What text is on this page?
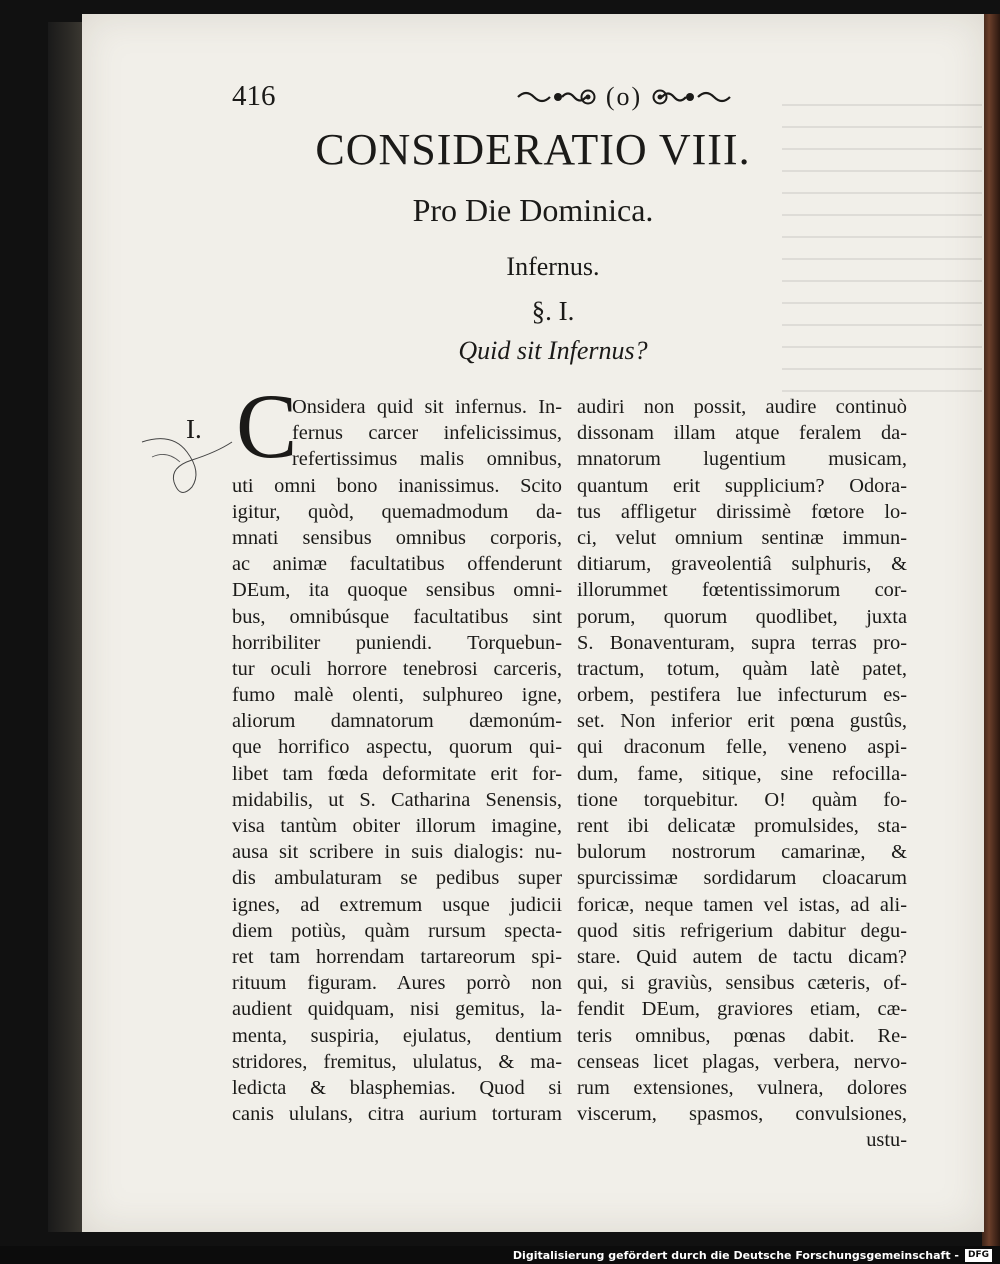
416	(o)
CONSIDERATIO VIII.
Pro Die Dominica.
Infernus.
§. I.
Quid sit Infernus?
I. C
Onsidera quid sit infernus. In-
fernus carcer infelicissimus,
refertissimus malis omnibus,
uti omni bono inanissimus. Scito
igitur, quòd, quemadmodum da-
mnati sensibus omnibus corporis,
ac animæ facultatibus offenderunt
DEum, ita quoque sensibus omni-
bus, omnibúsque facultatibus sint
horribiliter puniendi. Torquebun-
tur oculi horrore tenebrosi carceris,
fumo malè olenti, sulphureo igne,
aliorum damnatorum dæmonúm-
que horrifico aspectu, quorum qui-
libet tam fœda deformitate erit for-
midabilis, ut S. Catharina Senensis,
visa tantùm obiter illorum imagine,
ausa sit scribere in suis dialogis: nu-
dis ambulaturam se pedibus super
ignes, ad extremum usque judicii
diem potiùs, quàm rursum spectа-
ret tam horrendam tartareorum spi-
rituum figuram. Aures porrò non
audient quidquam, nisi gemitus, la-
menta, suspiria, ejulatus, dentium
stridores, fremitus, ululatus, & ma-
ledicta & blasphemias. Quod si
canis ululans, citra aurium torturam
audiri non possit, audire continuò
dissonam illam atque feralem da-
mnatorum lugentium musicam,
quantum erit supplicium? Odora-
tus affligetur dirissimè fœtore lo-
ci, velut omnium sentinæ immun-
ditiarum, graveolentiâ sulphuris, &
illorummet fœtentissimorum cor-
porum, quorum quodlibet, juxta
S. Bonaventuram, supra terras pro-
tractum, totum, quàm latè patet,
orbem, pestifera lue infecturum es-
set. Non inferior erit pœna gustûs,
qui draconum felle, veneno aspi-
dum, fame, sitique, sine refocilla-
tione torquebitur. O! quàm fo-
rent ibi delicatæ promulsides, sta-
bulorum nostrorum camarinæ, &
spurcissimæ sordidarum cloacarum
foricæ, neque tamen vel istas, ad ali-
quod sitis refrigerium dabitur degu-
stare. Quid autem de tactu dicam?
qui, si graviùs, sensibus cæteris, of-
fendit DEum, graviores etiam, cæ-
teris omnibus, pœnas dabit. Re-
censeas licet plagas, verbera, nervo-
rum extensiones, vulnera, dolores
viscerum, spasmos, convulsiones,
ustu-
Digitalisierung gefördert durch die Deutsche Forschungsgemeinschaft -	DFG
